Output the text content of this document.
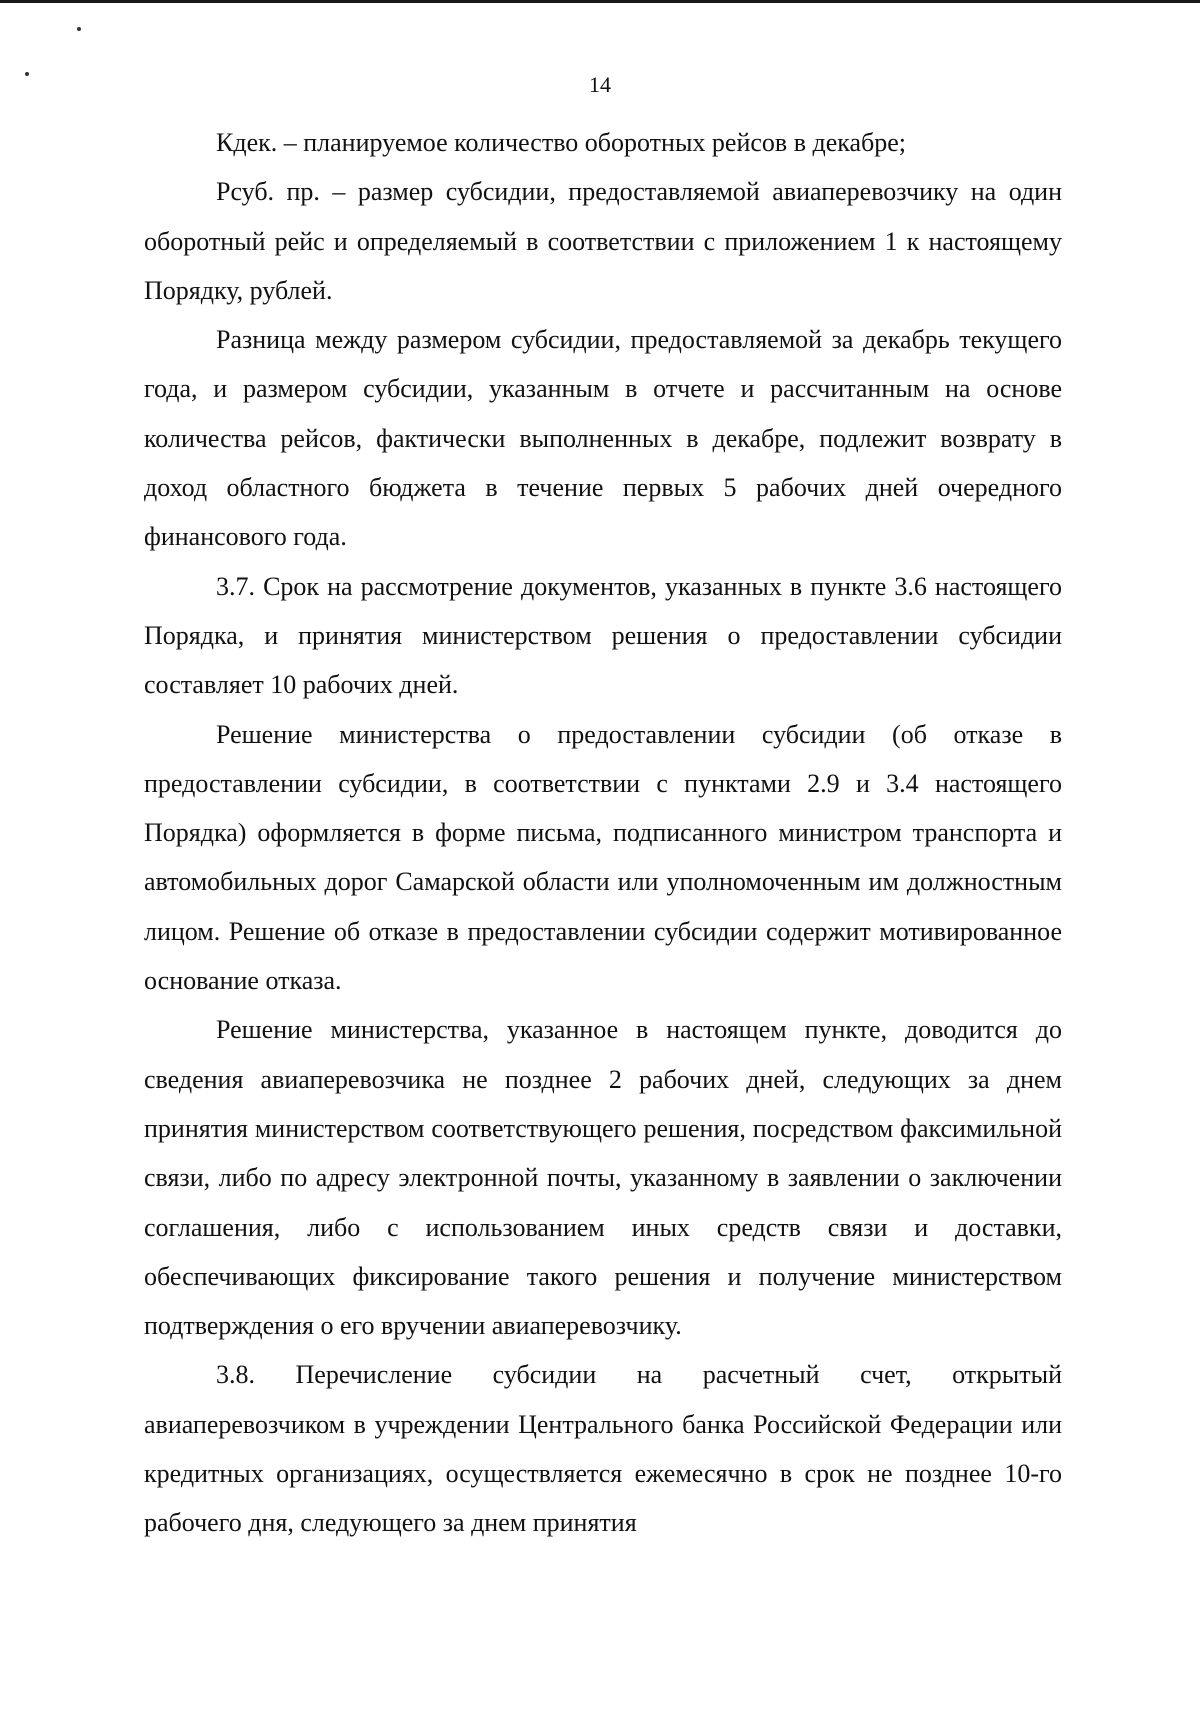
14

Кдек. – планируемое количество оборотных рейсов в декабре;

Рсуб. пр. – размер субсидии, предоставляемой авиаперевозчику на один оборотный рейс и определяемый в соответствии с приложением 1 к настоящему Порядку, рублей.

Разница между размером субсидии, предоставляемой за декабрь текущего года, и размером субсидии, указанным в отчете и рассчитанным на основе количества рейсов, фактически выполненных в декабре, подлежит возврату в доход областного бюджета в течение первых 5 рабочих дней очередного финансового года.

3.7. Срок на рассмотрение документов, указанных в пункте 3.6 настоящего Порядка, и принятия министерством решения о предоставлении субсидии составляет 10 рабочих дней.

Решение министерства о предоставлении субсидии (об отказе в предоставлении субсидии, в соответствии с пунктами 2.9 и 3.4 настоящего Порядка) оформляется в форме письма, подписанного министром транспорта и автомобильных дорог Самарской области или уполномоченным им должностным лицом. Решение об отказе в предоставлении субсидии содержит мотивированное основание отказа.

Решение министерства, указанное в настоящем пункте, доводится до сведения авиаперевозчика не позднее 2 рабочих дней, следующих за днем принятия министерством соответствующего решения, посредством факсимильной связи, либо по адресу электронной почты, указанному в заявлении о заключении соглашения, либо с использованием иных средств связи и доставки, обеспечивающих фиксирование такого решения и получение министерством подтверждения о его вручении авиаперевозчику.

3.8. Перечисление субсидии на расчетный счет, открытый авиаперевозчиком в учреждении Центрального банка Российской Федерации или кредитных организациях, осуществляется ежемесячно в срок не позднее 10-го рабочего дня, следующего за днем принятия
